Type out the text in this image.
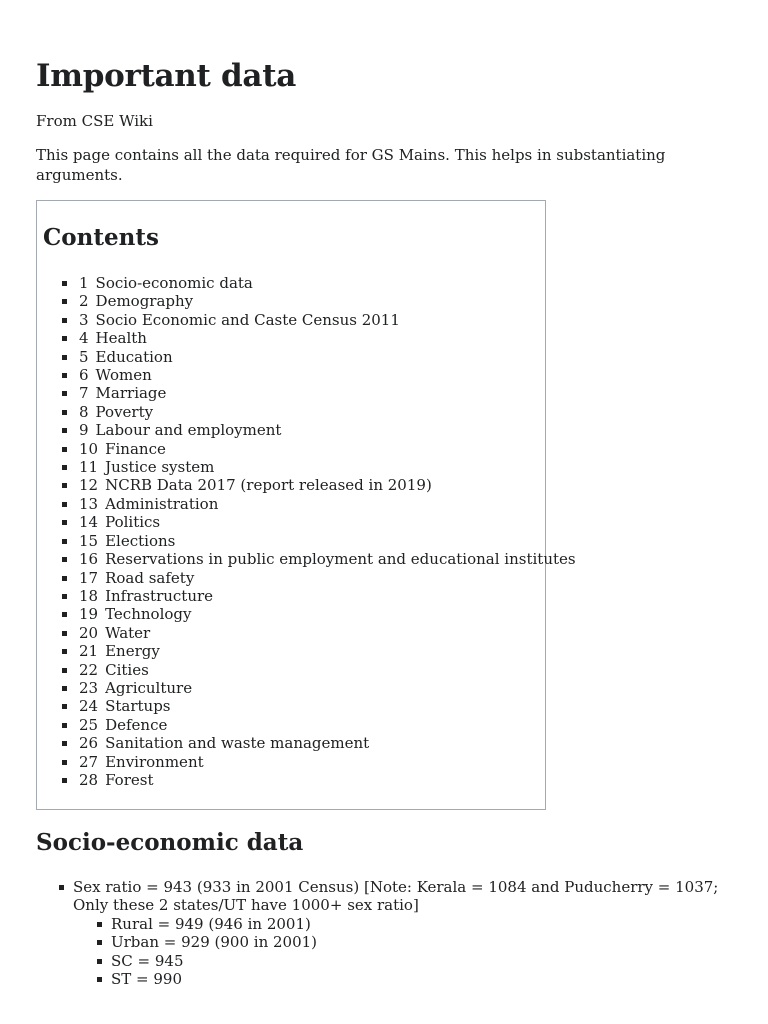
Important data
From CSE Wiki
This page contains all the data required for GS Mains. This helps in substantiating arguments.
Contents
1 Socio-economic data
2 Demography
3 Socio Economic and Caste Census 2011
4 Health
5 Education
6 Women
7 Marriage
8 Poverty
9 Labour and employment
10 Finance
11 Justice system
12 NCRB Data 2017 (report released in 2019)
13 Administration
14 Politics
15 Elections
16 Reservations in public employment and educational institutes
17 Road safety
18 Infrastructure
19 Technology
20 Water
21 Energy
22 Cities
23 Agriculture
24 Startups
25 Defence
26 Sanitation and waste management
27 Environment
28 Forest
Socio-economic data
Sex ratio = 943 (933 in 2001 Census) [Note: Kerala = 1084 and Puducherry = 1037; Only these 2 states/UT have 1000+ sex ratio]
Rural = 949 (946 in 2001)
Urban = 929 (900 in 2001)
SC = 945
ST = 990
